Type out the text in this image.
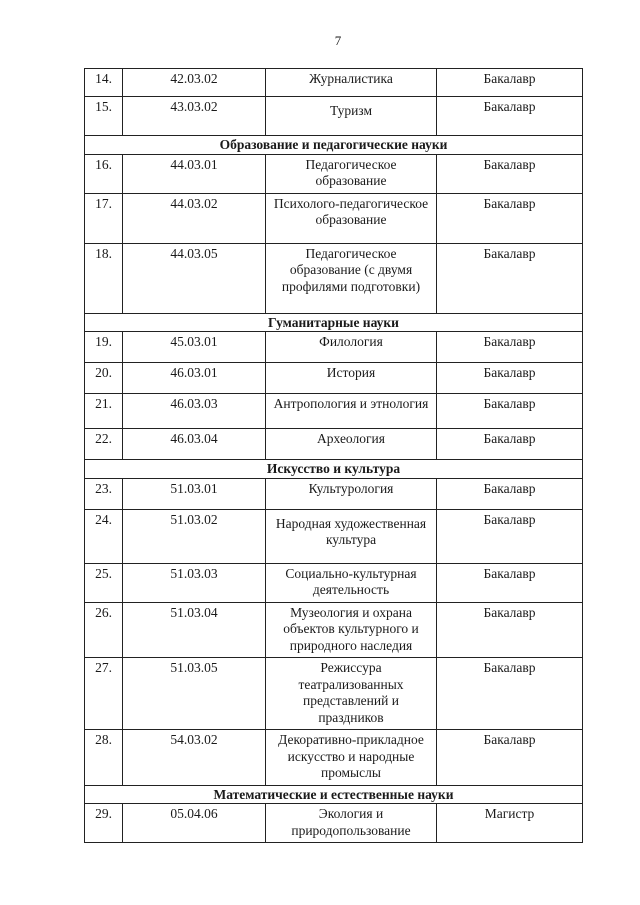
7
14.	42.03.02	Журналистика	Бакалавр
15.	43.03.02	Туризм	Бакалавр
Образование и педагогические науки			
16.	44.03.01	Педагогическое образование	Бакалавр
17.	44.03.02	Психолого-педагогическое образование	Бакалавр
18.	44.03.05	Педагогическое образование (с двумя профилями подготовки)	Бакалавр
Гуманитарные науки			
19.	45.03.01	Филология	Бакалавр
20.	46.03.01	История	Бакалавр
21.	46.03.03	Антропология и этнология	Бакалавр
22.	46.03.04	Археология	Бакалавр
Искусство и культура			
23.	51.03.01	Культурология	Бакалавр
24.	51.03.02	Народная художественная культура	Бакалавр
25.	51.03.03	Социально-культурная деятельность	Бакалавр
26.	51.03.04	Музеология и охрана объектов культурного и природного наследия	Бакалавр
27.	51.03.05	Режиссура театрализованных представлений и праздников	Бакалавр
28.	54.03.02	Декоративно-прикладное искусство и народные промыслы	Бакалавр
Математические и естественные науки			
29.	05.04.06	Экология и природопользование	Магистр
